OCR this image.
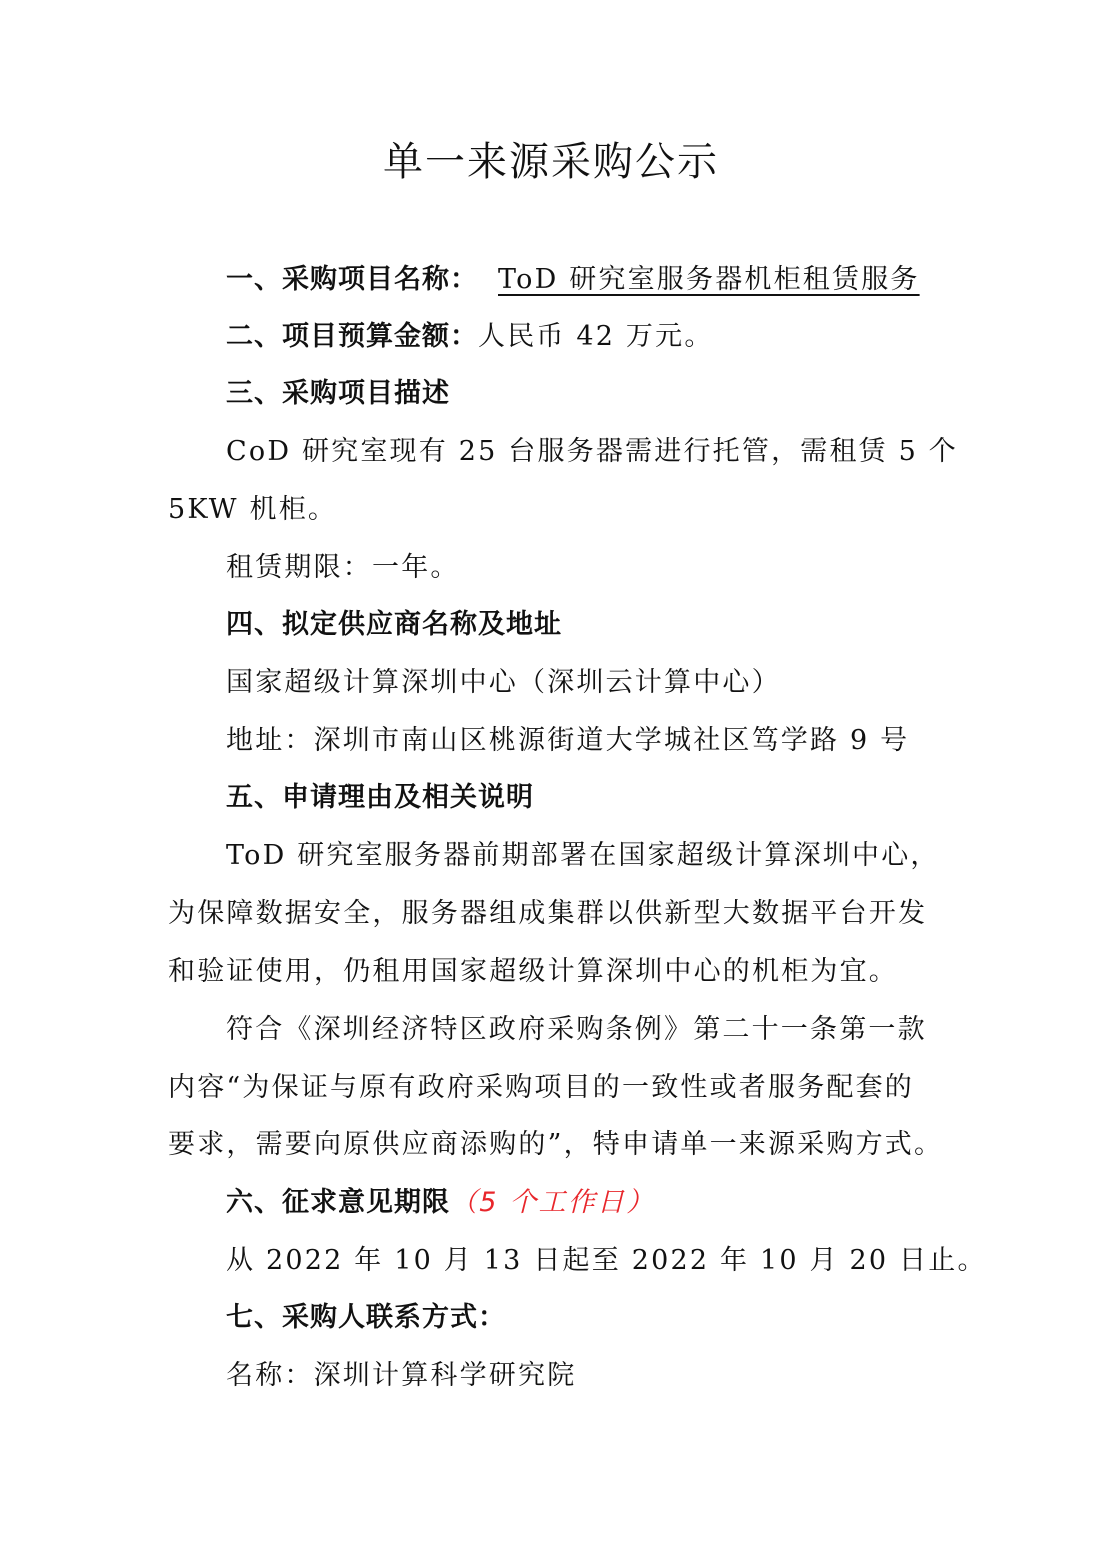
单一来源采购公示
一、采购项目名称： ToD 研究室服务器机柜租赁服务
二、项目预算金额：人民币 42 万元。
三、采购项目描述
CoD 研究室现有 25 台服务器需进行托管，需租赁 5 个
5KW 机柜。
租赁期限：一年。
四、拟定供应商名称及地址
国家超级计算深圳中心（深圳云计算中心）
地址：深圳市南山区桃源街道大学城社区笃学路 9 号
五、申请理由及相关说明
ToD 研究室服务器前期部署在国家超级计算深圳中心，
为保障数据安全，服务器组成集群以供新型大数据平台开发
和验证使用，仍租用国家超级计算深圳中心的机柜为宜。
符合《深圳经济特区政府采购条例》第二十一条第一款
内容“为保证与原有政府采购项目的一致性或者服务配套的
要求，需要向原供应商添购的”，特申请单一来源采购方式。
六、征求意见期限（5 个工作日）
从 2022 年 10 月 13 日起至 2022 年 10 月 20 日止。
七、采购人联系方式：
名称：深圳计算科学研究院
